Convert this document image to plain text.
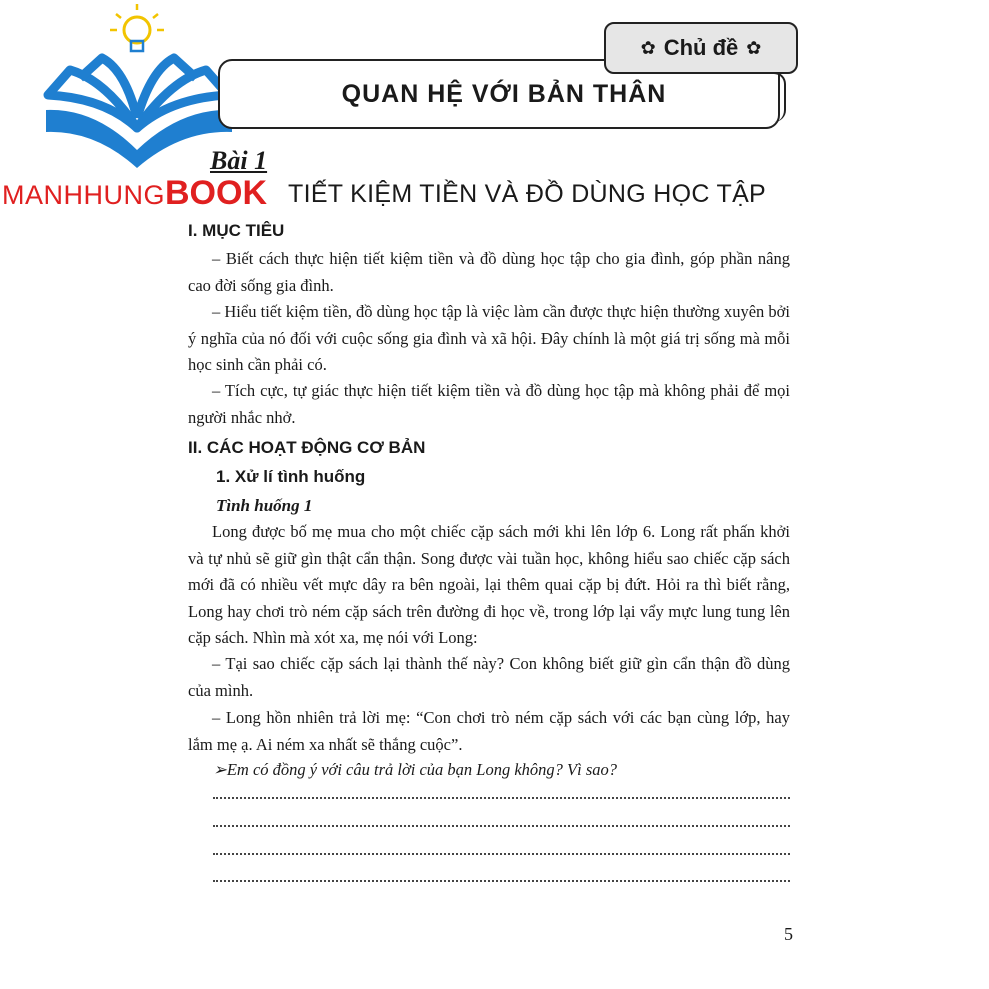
MANHHUNGBOOK
QUAN HỆ VỚI BẢN THÂN
✿ Chủ đề ✿
Bài 1
TIẾT KIỆM TIỀN VÀ ĐỒ DÙNG HỌC TẬP
I. MỤC TIÊU

– Biết cách thực hiện tiết kiệm tiền và đồ dùng học tập cho gia đình, góp phần nâng cao đời sống gia đình.

– Hiểu tiết kiệm tiền, đồ dùng học tập là việc làm cần được thực hiện thường xuyên bởi ý nghĩa của nó đối với cuộc sống gia đình và xã hội. Đây chính là một giá trị sống mà mỗi học sinh cần phải có.

– Tích cực, tự giác thực hiện tiết kiệm tiền và đồ dùng học tập mà không phải để mọi người nhắc nhở.

II. CÁC HOẠT ĐỘNG CƠ BẢN
1. Xử lí tình huống
Tình huống 1

Long được bố mẹ mua cho một chiếc cặp sách mới khi lên lớp 6. Long rất phấn khởi và tự nhủ sẽ giữ gìn thật cẩn thận. Song được vài tuần học, không hiểu sao chiếc cặp sách mới đã có nhiều vết mực dây ra bên ngoài, lại thêm quai cặp bị đứt. Hỏi ra thì biết rằng, Long hay chơi trò ném cặp sách trên đường đi học về, trong lớp lại vẩy mực lung tung lên cặp sách. Nhìn mà xót xa, mẹ nói với Long:

– Tại sao chiếc cặp sách lại thành thế này? Con không biết giữ gìn cẩn thận đồ dùng của mình.

– Long hồn nhiên trả lời mẹ: “Con chơi trò ném cặp sách với các bạn cùng lớp, hay lắm mẹ ạ. Ai ném xa nhất sẽ thắng cuộc”.

➢Em có đồng ý với câu trả lời của bạn Long không? Vì sao?
5
